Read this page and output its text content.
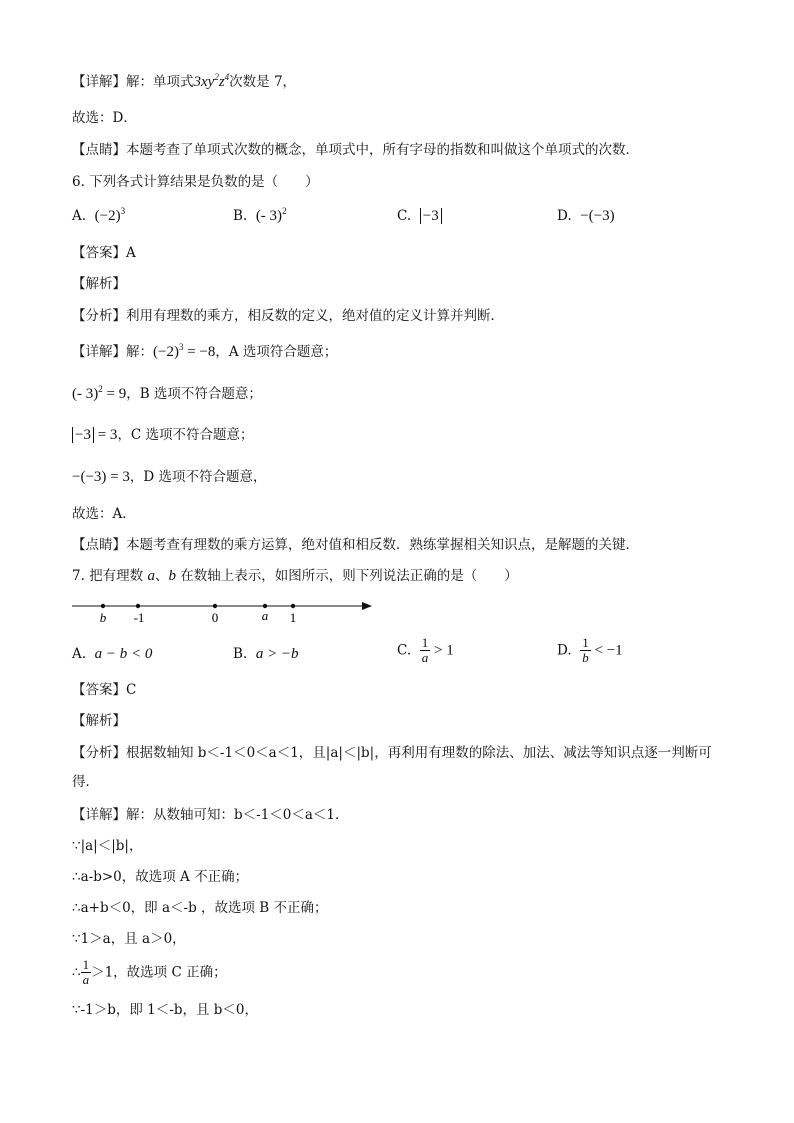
【详解】解：单项式$3xy^2z^4$次数是 7，
故选：D．
【点睛】本题考查了单项式次数的概念，单项式中，所有字母的指数和叫做这个单项式的次数．
6. 下列各式计算结果是负数的是（　　）
A. $(-2)^3$	B. (- 3)$^2$	C. −3	D. −(−3)
【答案】A
【解析】
【分析】利用有理数的乘方，相反数的定义，绝对值的定义计算并判断．
【详解】解：$(-2)^3 = -8$，A 选项符合题意；
(- 3)$^2$ = 9，B 选项不符合题意；
−3 = 3，C 选项不符合题意；
−(−3) = 3，D 选项不符合题意，
故选：A．
【点睛】本题考查有理数的乘方运算，绝对值和相反数．熟练掌握相关知识点，是解题的关键．
7. 把有理数 a、b 在数轴上表示，如图所示，则下列说法正确的是（　　）
b -1	0	a 1
A. a − b < 0	B. a > −b	C. $\frac{1}{a} > 1$	D. $\frac{1}{b} < -1$
【答案】C
【解析】
【分析】根据数轴知 b＜-1＜0＜a＜1，且|a|＜|b|，再利用有理数的除法、加法、减法等知识点逐一判断可
得．
【详解】解：从数轴可知：b＜-1＜0＜a＜1．
∵|a|＜|b|，
∴a-b>0，故选项 A 不正确；
∴a+b＜0，即 a＜-b ，故选项 B 不正确；
∵1＞a，且 a＞0，
∴ $\frac{1}{a} >1$，故选项 C 正确；
∵-1＞b，即 1＜-b，且 b＜0，
